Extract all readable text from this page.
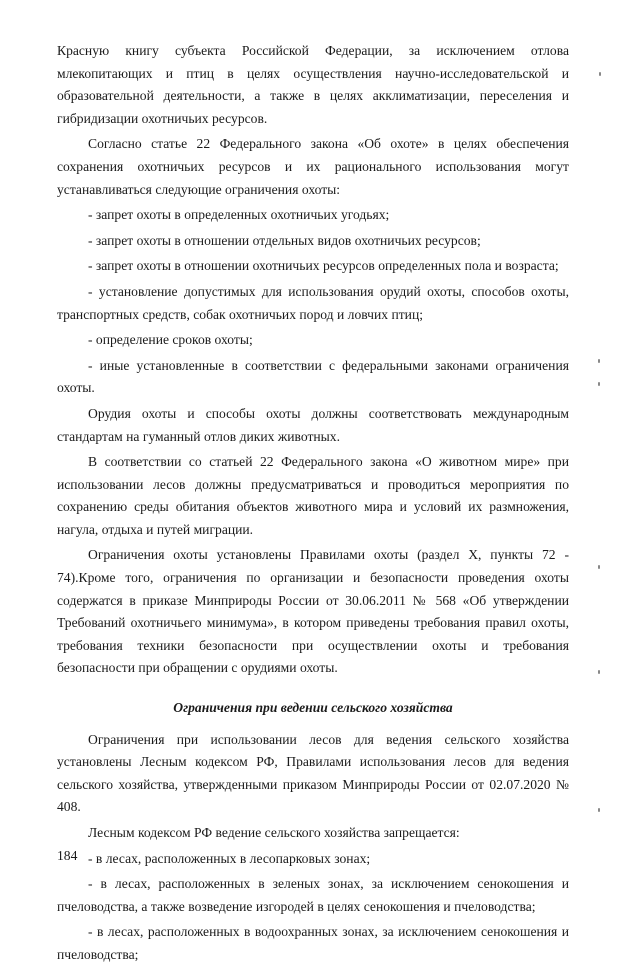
Красную книгу субъекта Российской Федерации, за исключением отлова млекопитающих и птиц в целях осуществления научно-исследовательской и образовательной деятельности, а также в целях акклиматизации, переселения и гибридизации охотничьих ресурсов.

Согласно статье 22 Федерального закона «Об охоте» в целях обеспечения сохранения охотничьих ресурсов и их рационального использования могут устанавливаться следующие ограничения охоты:

- запрет охоты в определенных охотничьих угодьях;

- запрет охоты в отношении отдельных видов охотничьих ресурсов;

- запрет охоты в отношении охотничьих ресурсов определенных пола и возраста;

- установление допустимых для использования орудий охоты, способов охоты, транспортных средств, собак охотничьих пород и ловчих птиц;

- определение сроков охоты;

- иные установленные в соответствии с федеральными законами ограничения охоты.

Орудия охоты и способы охоты должны соответствовать международным стандартам на гуманный отлов диких животных.

В соответствии со статьей 22 Федерального закона «О животном мире» при использовании лесов должны предусматриваться и проводиться мероприятия по сохранению среды обитания объектов животного мира и условий их размножения, нагула, отдыха и путей миграции.

Ограничения охоты установлены Правилами охоты (раздел X, пункты 72 - 74).Кроме того, ограничения по организации и безопасности проведения охоты содержатся в приказе Минприроды России от 30.06.2011 № 568 «Об утверждении Требований охотничьего минимума», в котором приведены требования правил охоты, требования техники безопасности при осуществлении охоты и требования безопасности при обращении с орудиями охоты.

Ограничения при ведении сельского хозяйства

Ограничения при использовании лесов для ведения сельского хозяйства установлены Лесным кодексом РФ, Правилами использования лесов для ведения сельского хозяйства, утвержденными приказом Минприроды России от 02.07.2020 № 408.

Лесным кодексом РФ ведение сельского хозяйства запрещается:

- в лесах, расположенных в лесопарковых зонах;

- в лесах, расположенных в зеленых зонах, за исключением сенокошения и пчеловодства, а также возведение изгородей в целях сенокошения и пчеловодства;

- в лесах, расположенных в водоохранных зонах, за исключением сенокошения и пчеловодства;

184
